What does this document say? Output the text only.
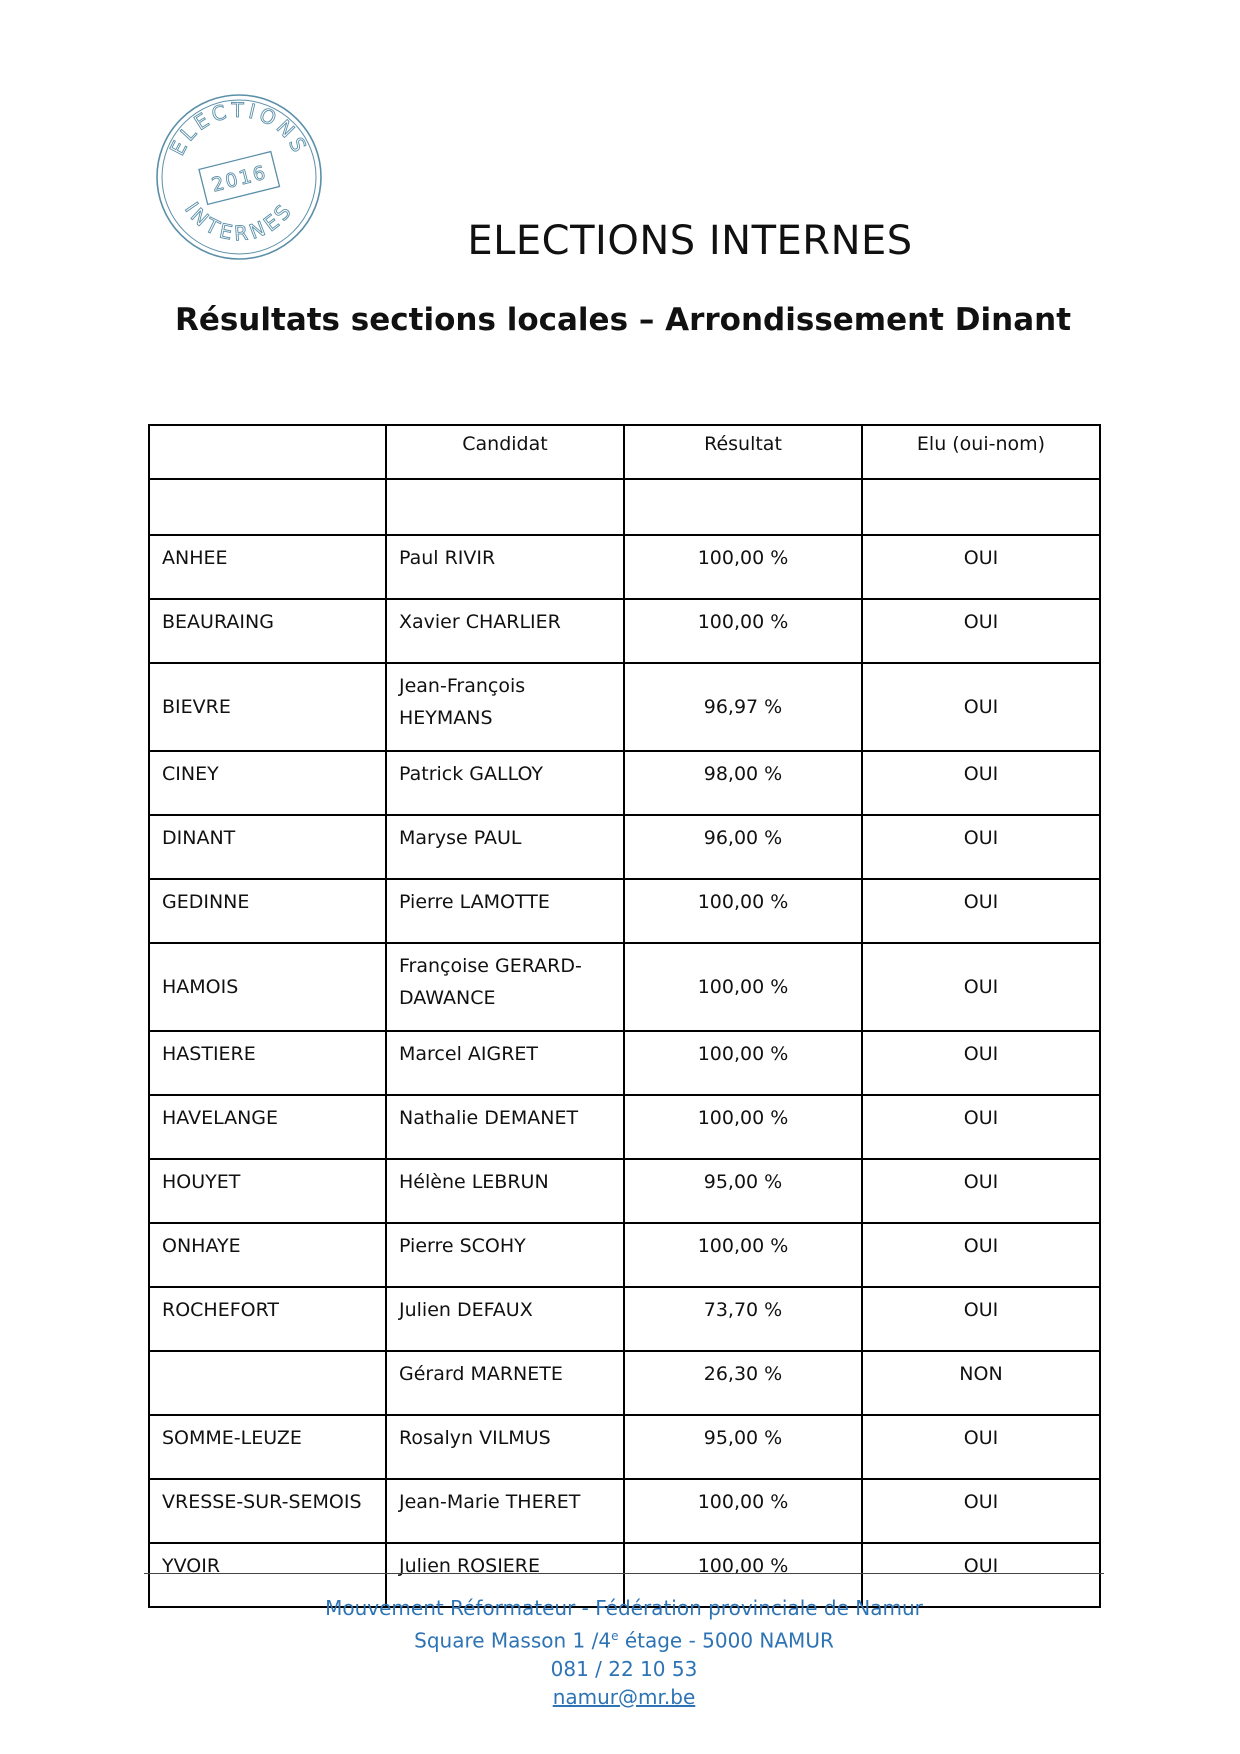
ELECTIONS
INTERNES
2016
ELECTIONS INTERNES
Résultats sections locales – Arrondissement Dinant
	Candidat	Résultat	Elu (oui-nom)

ANHEE	Paul RIVIR	100,00 %	OUI
BEAURAING	Xavier CHARLIER	100,00 %	OUI
BIEVRE	Jean-François HEYMANS	96,97 %	OUI
CINEY	Patrick GALLOY	98,00 %	OUI
DINANT	Maryse PAUL	96,00 %	OUI
GEDINNE	Pierre LAMOTTE	100,00 %	OUI
HAMOIS	Françoise GERARD-DAWANCE	100,00 %	OUI
HASTIERE	Marcel AIGRET	100,00 %	OUI
HAVELANGE	Nathalie DEMANET	100,00 %	OUI
HOUYET	Hélène LEBRUN	95,00 %	OUI
ONHAYE	Pierre SCOHY	100,00 %	OUI
ROCHEFORT	Julien DEFAUX	73,70 %	OUI
	Gérard MARNETE	26,30 %	NON
SOMME-LEUZE	Rosalyn VILMUS	95,00 %	OUI
VRESSE-SUR-SEMOIS	Jean-Marie THERET	100,00 %	OUI
YVOIR	Julien ROSIERE	100,00 %	OUI
Mouvement Réformateur - Fédération provinciale de Namur
Square Masson 1 /4e étage - 5000 NAMUR
081 / 22 10 53
namur@mr.be
